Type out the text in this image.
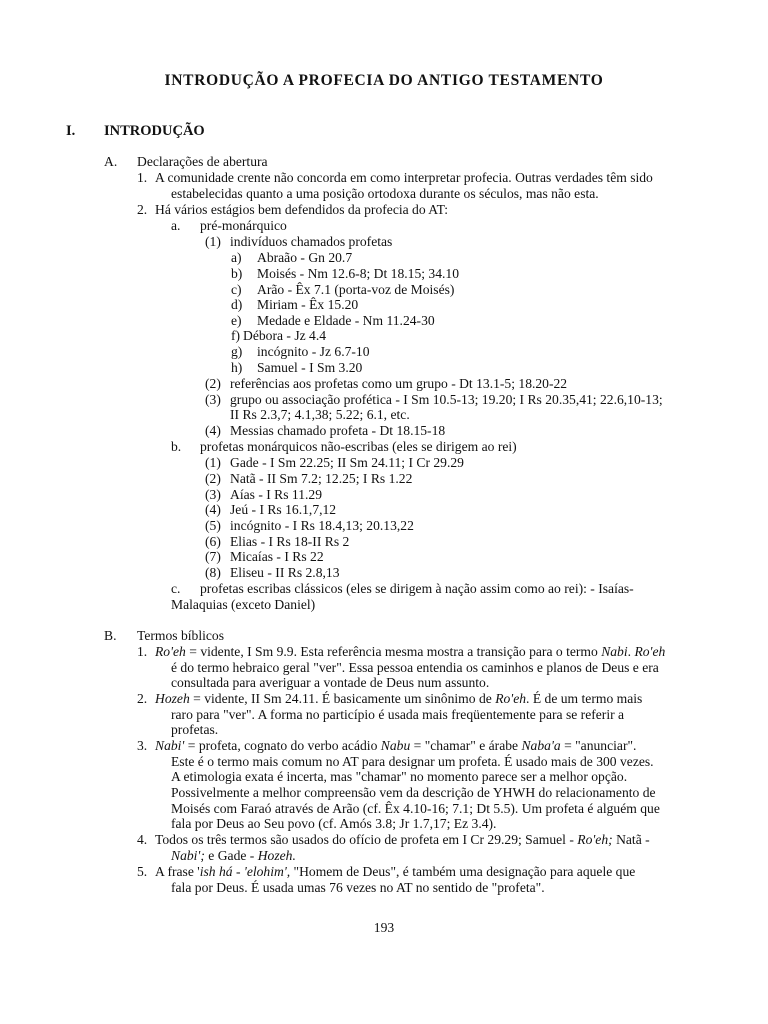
INTRODUÇÃO A PROFECIA DO ANTIGO TESTAMENTO
I. INTRODUÇÃO
A. Declarações de abertura
1. A comunidade crente não concorda em como interpretar profecia. Outras verdades têm sido
estabelecidas quanto a uma posição ortodoxa durante os séculos, mas não esta.
2. Há vários estágios bem defendidos da profecia do AT:
a. pré-monárquico
(1) indivíduos chamados profetas
a) Abraão - Gn 20.7
b) Moisés - Nm 12.6-8; Dt 18.15; 34.10
c) Arão - Êx 7.1 (porta-voz de Moisés)
d) Miriam - Êx 15.20
e) Medade e Eldade - Nm 11.24-30
f) Débora - Jz 4.4
g) incógnito - Jz 6.7-10
h) Samuel - I Sm 3.20
(2) referências aos profetas como um grupo - Dt 13.1-5; 18.20-22
(3) grupo ou associação profética - I Sm 10.5-13; 19.20; I Rs 20.35,41; 22.6,10-13;
II Rs 2.3,7; 4.1,38; 5.22; 6.1, etc.
(4) Messias chamado profeta - Dt 18.15-18
b. profetas monárquicos não-escribas (eles se dirigem ao rei)
(1) Gade - I Sm 22.25; II Sm 24.11; I Cr 29.29
(2) Natã - II Sm 7.2; 12.25; I Rs 1.22
(3) Aías - I Rs 11.29
(4) Jeú - I Rs 16.1,7,12
(5) incógnito - I Rs 18.4,13; 20.13,22
(6) Elias - I Rs 18-II Rs 2
(7) Micaías - I Rs 22
(8) Eliseu - II Rs 2.8,13
c. profetas escribas clássicos (eles se dirigem à nação assim como ao rei): - Isaías-
Malaquias (exceto Daniel)
B. Termos bíblicos
1. Ro'eh = vidente, I Sm 9.9. Esta referência mesma mostra a transição para o termo Nabi. Ro'eh
é do termo hebraico geral "ver". Essa pessoa entendia os caminhos e planos de Deus e era
consultada para averiguar a vontade de Deus num assunto.
2. Hozeh = vidente, II Sm 24.11. É basicamente um sinônimo de Ro'eh. É de um termo mais
raro para "ver". A forma no particípio é usada mais freqüentemente para se referir a
profetas.
3. Nabi' = profeta, cognato do verbo acádio Nabu = "chamar" e árabe Naba'a = "anunciar".
Este é o termo mais comum no AT para designar um profeta. É usado mais de 300 vezes.
A etimologia exata é incerta, mas "chamar" no momento parece ser a melhor opção.
Possivelmente a melhor compreensão vem da descrição de YHWH do relacionamento de
Moisés com Faraó através de Arão (cf. Êx 4.10-16; 7.1; Dt 5.5). Um profeta é alguém que
fala por Deus ao Seu povo (cf. Amós 3.8; Jr 1.7,17; Ez 3.4).
4. Todos os três termos são usados do ofício de profeta em I Cr 29.29; Samuel - Ro'eh; Natã -
Nabi'; e Gade - Hozeh.
5. A frase 'ish há - 'elohim', "Homem de Deus", é também uma designação para aquele que
fala por Deus. É usada umas 76 vezes no AT no sentido de "profeta".
193
